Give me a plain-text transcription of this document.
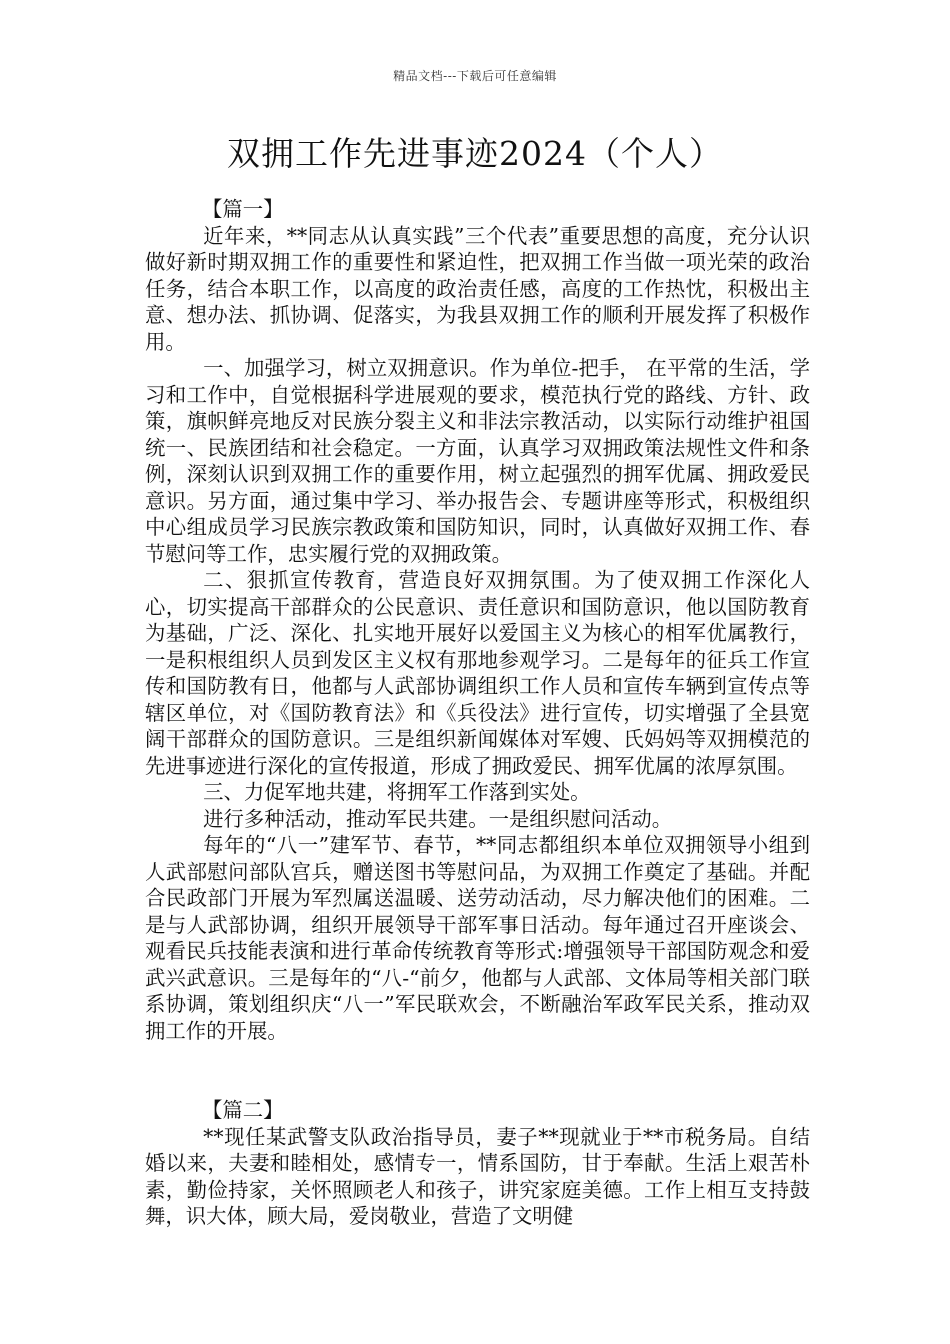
精品文档---下载后可任意编辑
双拥工作先进事迹2024（个人）
【篇一】

近年来，**同志从认真实践”三个代表”重要思想的高度，充分认识做好新时期双拥工作的重要性和紧迫性，把双拥工作当做一项光荣的政治任务，结合本职工作，以高度的政治责任感，高度的工作热忱，积极出主意、想办法、抓协调、促落实，为我县双拥工作的顺利开展发挥了积极作用。

一、加强学习，树立双拥意识。作为单位-把手， 在平常的生活，学习和工作中，自觉根据科学进展观的要求，模范执行党的路线、方针、政策，旗帜鲜亮地反对民族分裂主义和非法宗教活动，以实际行动维护祖国统一、民族团结和社会稳定。一方面，认真学习双拥政策法规性文件和条例，深刻认识到双拥工作的重要作用，树立起强烈的拥军优属、拥政爱民意识。另方面，通过集中学习、举办报告会、专题讲座等形式，积极组织中心组成员学习民族宗教政策和国防知识，同时，认真做好双拥工作、春节慰问等工作，忠实履行党的双拥政策。

二、狠抓宣传教育，营造良好双拥氛围。为了使双拥工作深化人心，切实提高干部群众的公民意识、责任意识和国防意识，他以国防教育为基础，广泛、深化、扎实地开展好以爱国主义为核心的相军优属教行，一是积根组织人员到发区主义权有那地参观学习。二是每年的征兵工作宣传和国防教有日，他都与人武部协调组织工作人员和宣传车辆到宣传点等辖区单位，对《国防教育法》和《兵役法》进行宣传，切实增强了全县宽阔干部群众的国防意识。三是组织新闻媒体对军嫂、氏妈妈等双拥模范的先进事迹进行深化的宣传报道，形成了拥政爱民、拥军优属的浓厚氛围。

三、力促军地共建，将拥军工作落到实处。

进行多种活动，推动军民共建。一是组织慰问活动。

每年的“八一”建军节、春节，**同志都组织本单位双拥领导小组到人武部慰问部队宫兵，赠送图书等慰问品，为双拥工作奠定了基础。并配合民政部门开展为军烈属送温暖、送劳动活动，尽力解决他们的困难。二是与人武部协调，组织开展领导干部军事日活动。每年通过召开座谈会、观看民兵技能表演和进行革命传统教育等形式:增强领导干部国防观念和爱武兴武意识。三是每年的“八-“前夕，他都与人武部、文体局等相关部门联系协调，策划组织庆“八一”军民联欢会，不断融治军政军民关系，推动双拥工作的开展。

【篇二】

**现任某武警支队政治指导员，妻子**现就业于**市税务局。自结婚以来，夫妻和睦相处，感情专一，情系国防，甘于奉献。生活上艰苦朴素，勤俭持家，关怀照顾老人和孩子，讲究家庭美德。工作上相互支持鼓舞，识大体，顾大局，爱岗敬业，营造了文明健
